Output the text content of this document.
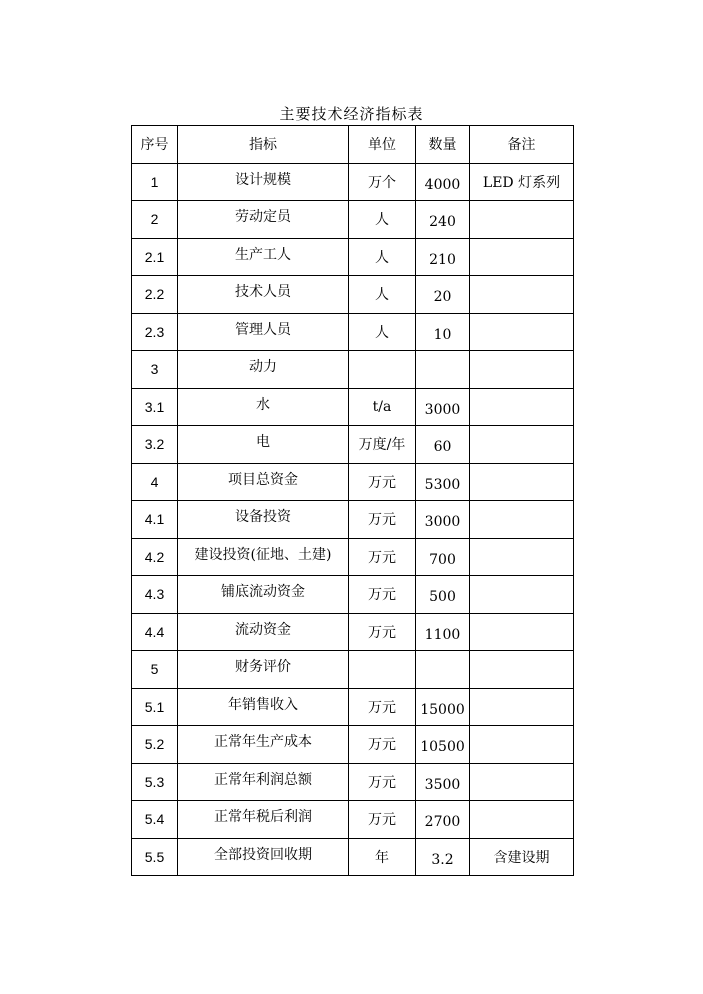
主要技术经济指标表
序号	指标	单位	数量	备注
1	设计规模	万个	4000	LED 灯系列
2	劳动定员	人	240	
2.1	生产工人	人	210	
2.2	技术人员	人	20	
2.3	管理人员	人	10	
3	动力			
3.1	水	t/a	3000	
3.2	电	万度/年	60	
4	项目总资金	万元	5300	
4.1	设备投资	万元	3000	
4.2	建设投资(征地、土建)	万元	700	
4.3	铺底流动资金	万元	500	
4.4	流动资金	万元	1100	
5	财务评价			
5.1	年销售收入	万元	15000	
5.2	正常年生产成本	万元	10500	
5.3	正常年利润总额	万元	3500	
5.4	正常年税后利润	万元	2700	
5.5	全部投资回收期	年	3.2	含建设期
